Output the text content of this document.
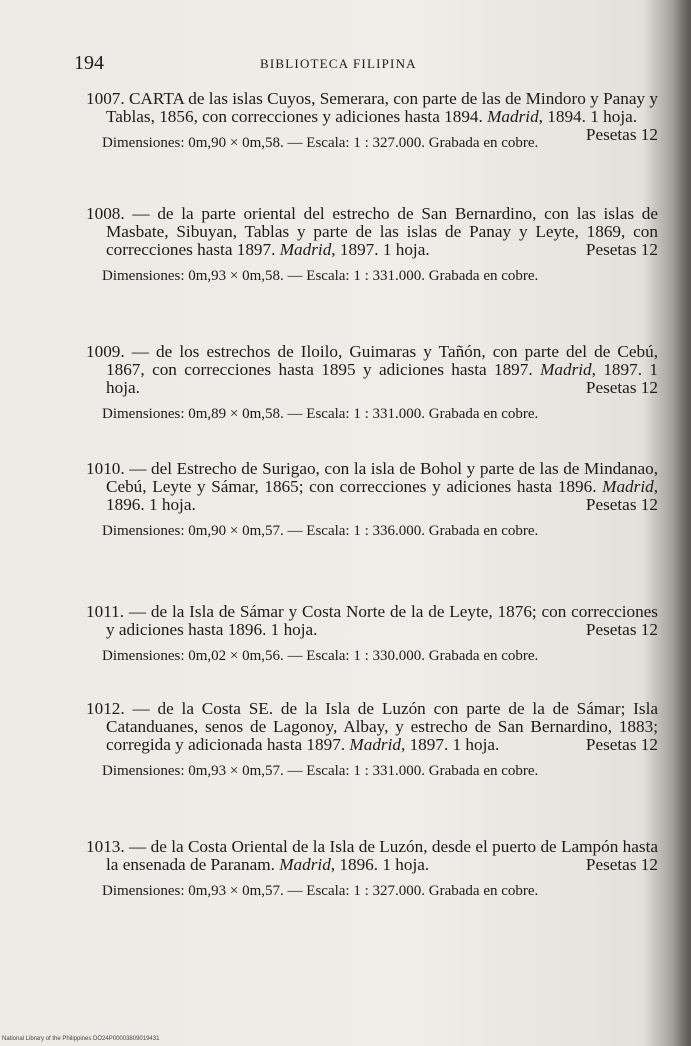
194	BIBLIOTECA FILIPINA
1007. CARTA de las islas Cuyos, Semerara, con parte de las de Mindoro y Panay y Tablas, 1856, con correcciones y adiciones hasta 1894. Madrid, 1894. 1 hoja.
Pesetas 12
Dimensiones: 0m,90 × 0m,58. — Escala: 1 : 327.000. Grabada en cobre.
1008. — de la parte oriental del estrecho de San Bernardino, con las islas de Masbate, Sibuyan, Tablas y parte de las islas de Panay y Leyte, 1869, con correcciones hasta 1897. Madrid, 1897. 1 hoja.	Pesetas 12
Dimensiones: 0m,93 × 0m,58. — Escala: 1 : 331.000. Grabada en cobre.
1009. — de los estrechos de Iloilo, Guimaras y Tañón, con parte del de Cebú, 1867, con correcciones hasta 1895 y adiciones hasta 1897. Madrid, 1897. 1 hoja.	Pesetas 12
Dimensiones: 0m,89 × 0m,58. — Escala: 1 : 331.000. Grabada en cobre.
1010. — del Estrecho de Surigao, con la isla de Bohol y parte de las de Mindanao, Cebú, Leyte y Sámar, 1865; con correcciones y adiciones hasta 1896. Madrid, 1896. 1 hoja.	Pesetas 12
Dimensiones: 0m,90 × 0m,57. — Escala: 1 : 336.000. Grabada en cobre.
1011. — de la Isla de Sámar y Costa Norte de la de Leyte, 1876; con correcciones y adiciones hasta 1896. 1 hoja.	Pesetas 12
Dimensiones: 0m,02 × 0m,56. — Escala: 1 : 330.000. Grabada en cobre.
1012. — de la Costa SE. de la Isla de Luzón con parte de la de Sámar; Isla Catanduanes, senos de Lagonoy, Albay, y estrecho de San Bernardino, 1883; corregida y adicionada hasta 1897. Madrid, 1897. 1 hoja.	Pesetas 12
Dimensiones: 0m,93 × 0m,57. — Escala: 1 : 331.000. Grabada en cobre.
1013. — de la Costa Oriental de la Isla de Luzón, desde el puerto de Lampón hasta la ensenada de Paranam. Madrid, 1896. 1 hoja.	Pesetas 12
Dimensiones: 0m,93 × 0m,57. — Escala: 1 : 327.000. Grabada en cobre.
National Library of the Philippines DO24P00003809019431
